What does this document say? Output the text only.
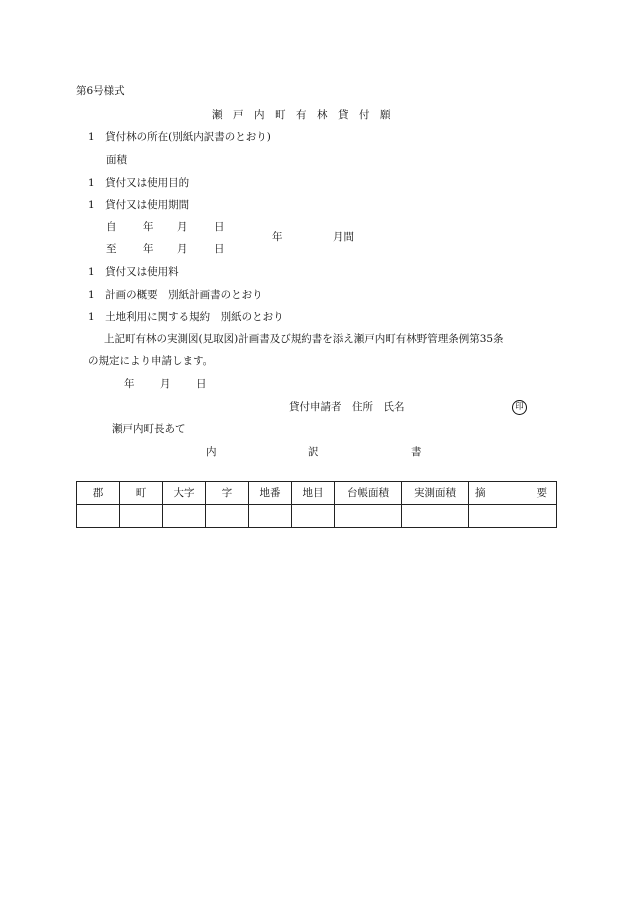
第6号様式
瀬　戸　内　町　有　林　貸　付　願
1　貸付林の所在(別紙内訳書のとおり)
面積
1　貸付又は使用目的
1　貸付又は使用期間
自	年 月	日
至	年 月	日
年	月間
1　貸付又は使用料
1　計画の概要　別紙計画書のとおり
1　土地利用に関する規約　別紙のとおり
上記町有林の実測図(見取図)計画書及び規約書を添え瀬戸内町有林野管理条例第35条
の規定により申請します。
年 月 日
貸付申請者　住所　氏名	印
瀬戸内町長あて
内	訳	書
郡	町	大字	字	地番	地目	台帳面積	実測面積	摘 要
